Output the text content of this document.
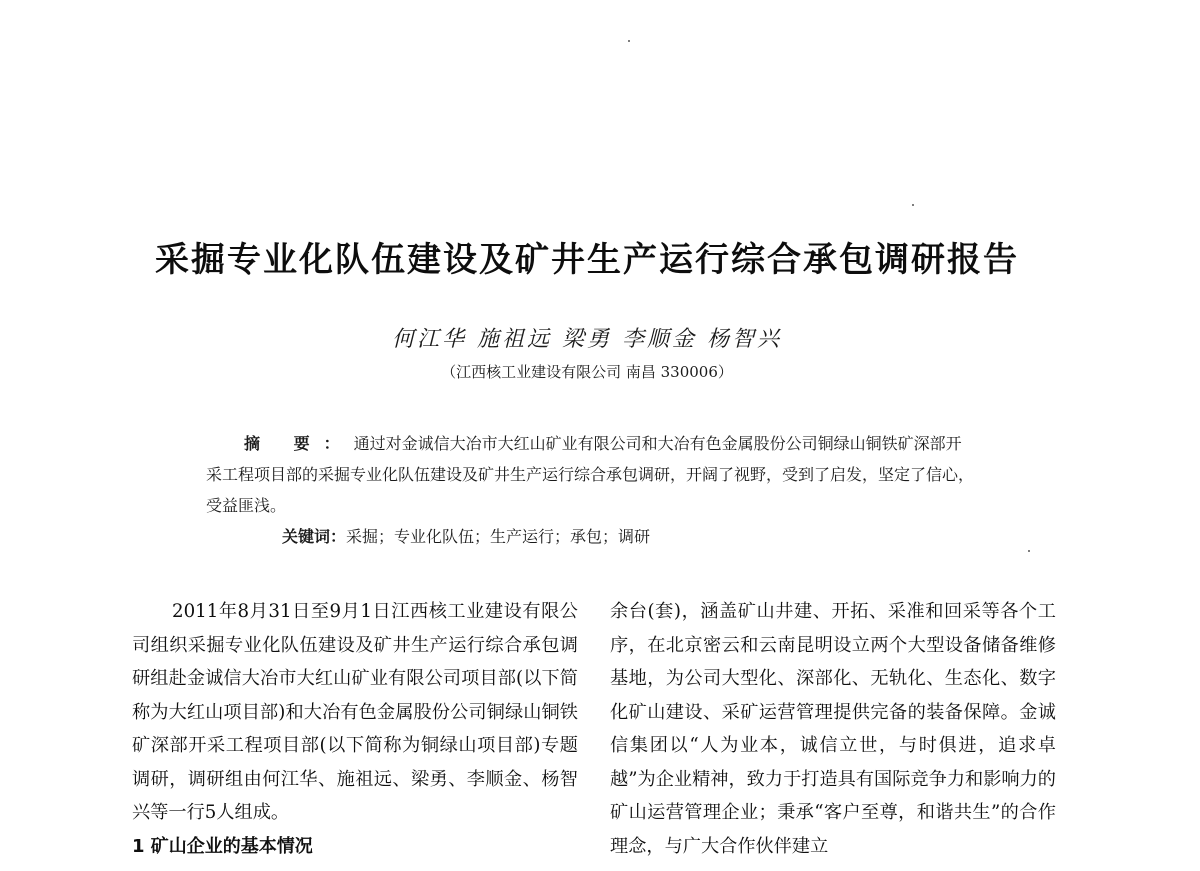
采掘专业化队伍建设及矿井生产运行综合承包调研报告
何江华 施祖远 梁勇 李顺金 杨智兴
（江西核工业建设有限公司 南昌 330006）

摘 要：通过对金诚信大冶市大红山矿业有限公司和大冶有色金属股份公司铜绿山铜铁矿深部开采工程项目部的采掘专业化队伍建设及矿井生产运行综合承包调研，开阔了视野，受到了启发，坚定了信心，受益匪浅。

关键词：采掘；专业化队伍；生产运行；承包；调研

2011年8月31日至9月1日江西核工业建设有限公司组织采掘专业化队伍建设及矿井生产运行综合承包调研组赴金诚信大冶市大红山矿业有限公司项目部(以下简称为大红山项目部)和大冶有色金属股份公司铜绿山铜铁矿深部开采工程项目部(以下简称为铜绿山项目部)专题调研，调研组由何江华、施祖远、梁勇、李顺金、杨智兴等一行5人组成。

1 矿山企业的基本情况

余台(套)，涵盖矿山井建、开拓、采准和回采等各个工序，在北京密云和云南昆明设立两个大型设备储备维修基地，为公司大型化、深部化、无轨化、生态化、数字化矿山建设、采矿运营管理提供完备的装备保障。金诚信集团以“人为业本，诚信立世，与时俱进，追求卓越”为企业精神，致力于打造具有国际竞争力和影响力的矿山运营管理企业；秉承“客户至尊，和谐共生”的合作理念，与广大合作伙伴建立
